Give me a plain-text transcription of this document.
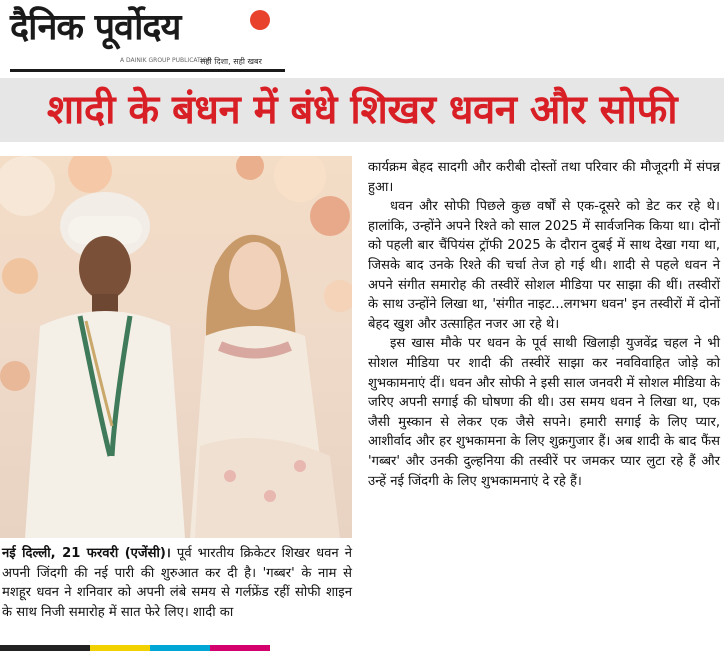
दैनिक पूर्वोदय
A DAINIK GROUP PUBLICATION
सही दिशा, सही खबर
शादी के बंधन में बंधे शिखर धवन और सोफी
नई दिल्ली, 21 फरवरी (एजेंसी)। पूर्व भारतीय क्रिकेटर शिखर धवन ने अपनी जिंदगी की नई पारी की शुरुआत कर दी है। 'गब्बर' के नाम से मशहूर धवन ने शनिवार को अपनी लंबे समय से गर्लफ्रेंड रहीं सोफी शाइन के साथ निजी समारोह में सात फेरे लिए। शादी का

कार्यक्रम बेहद सादगी और करीबी दोस्तों तथा परिवार की मौजूदगी में संपन्न हुआ।

धवन और सोफी पिछले कुछ वर्षों से एक-दूसरे को डेट कर रहे थे। हालांकि, उन्होंने अपने रिश्ते को साल 2025 में सार्वजनिक किया था। दोनों को पहली बार चैंपियंस ट्रॉफी 2025 के दौरान दुबई में साथ देखा गया था, जिसके बाद उनके रिश्ते की चर्चा तेज हो गई थी। शादी से पहले धवन ने अपने संगीत समारोह की तस्वीरें सोशल मीडिया पर साझा की थीं। तस्वीरों के साथ उन्होंने लिखा था, 'संगीत नाइट...लगभग धवन' इन तस्वीरों में दोनों बेहद खुश और उत्साहित नजर आ रहे थे।

इस खास मौके पर धवन के पूर्व साथी खिलाड़ी युजवेंद्र चहल ने भी सोशल मीडिया पर शादी की तस्वीरें साझा कर नवविवाहित जोड़े को शुभकामनाएं दीं। धवन और सोफी ने इसी साल जनवरी में सोशल मीडिया के जरिए अपनी सगाई की घोषणा की थी। उस समय धवन ने लिखा था, एक जैसी मुस्कान से लेकर एक जैसे सपने। हमारी सगाई के लिए प्यार, आशीर्वाद और हर शुभकामना के लिए शुक्रगुजार हैं। अब शादी के बाद फैंस 'गब्बर' और उनकी दुल्हनिया की तस्वीरें पर जमकर प्यार लुटा रहे हैं और उन्हें नई जिंदगी के लिए शुभकामनाएं दे रहे हैं।
